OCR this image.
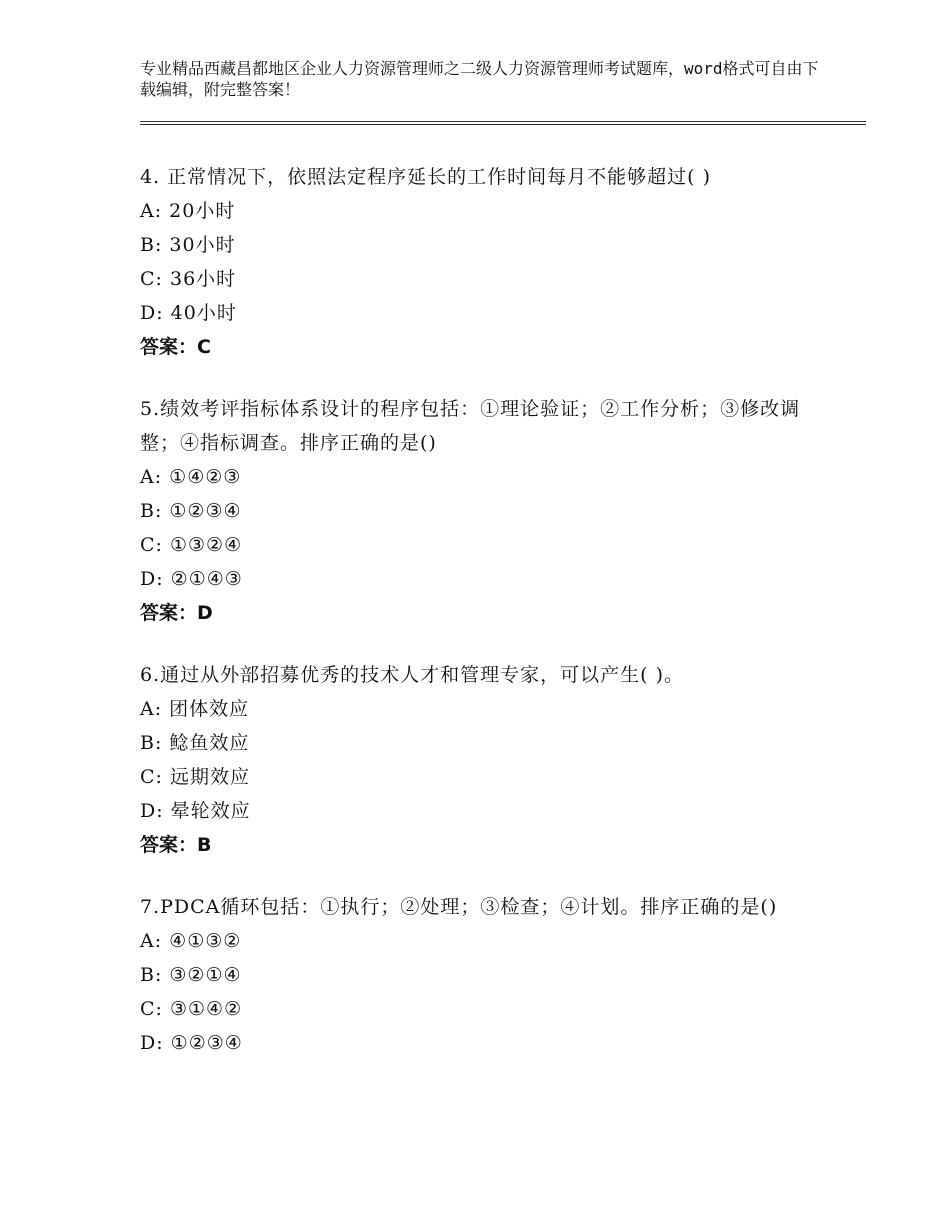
专业精品西藏昌都地区企业人力资源管理师之二级人力资源管理师考试题库，word格式可自由下载编辑，附完整答案！
4. 正常情况下，依照法定程序延长的工作时间每月不能够超过( )
A: 20小时
B: 30小时
C: 36小时
D: 40小时
答案：C
5.绩效考评指标体系设计的程序包括：①理论验证；②工作分析；③修改调整；④指标调查。排序正确的是()
A: ①④②③
B: ①②③④
C: ①③②④
D: ②①④③
答案：D
6.通过从外部招募优秀的技术人才和管理专家，可以产生( )。
A: 团体效应
B: 鲶鱼效应
C: 远期效应
D: 晕轮效应
答案：B
7.PDCA循环包括：①执行；②处理；③检查；④计划。排序正确的是()
A: ④①③②
B: ③②①④
C: ③①④②
D: ①②③④
